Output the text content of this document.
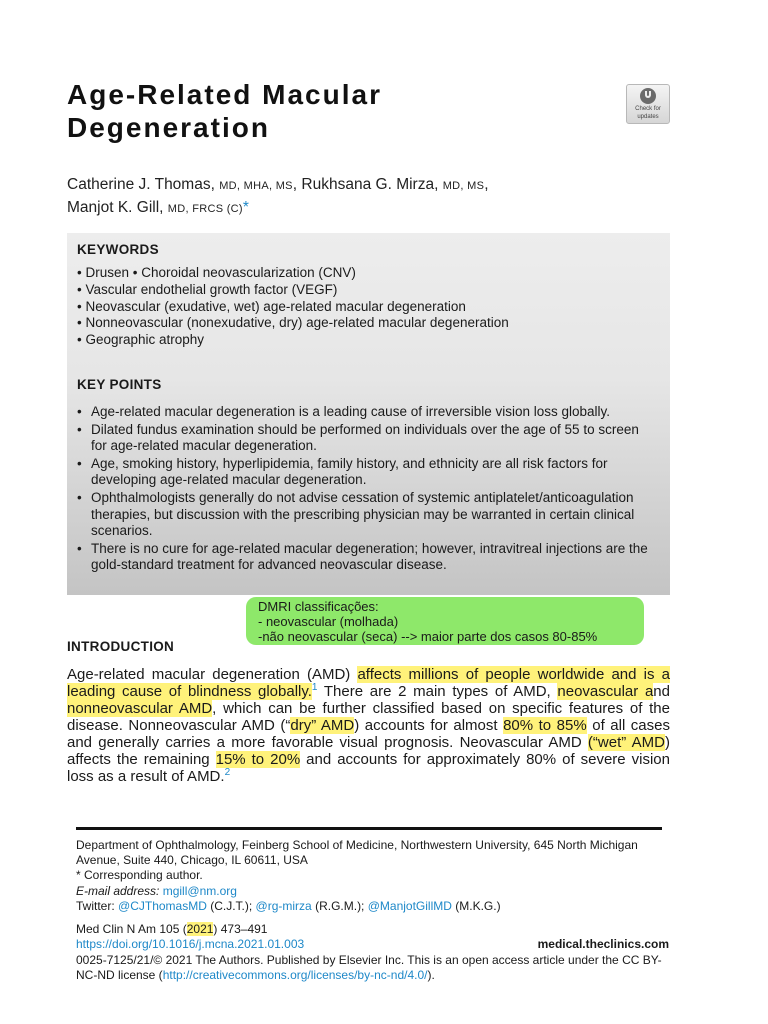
Age-Related Macular
Degeneration
Check for
updates
Catherine J. Thomas, MD, MHA, MS, Rukhsana G. Mirza, MD, MS,
Manjot K. Gill, MD, FRCS (C)*
KEYWORDS
• Drusen • Choroidal neovascularization (CNV)
• Vascular endothelial growth factor (VEGF)
• Neovascular (exudative, wet) age-related macular degeneration
• Nonneovascular (nonexudative, dry) age-related macular degeneration
• Geographic atrophy
KEY POINTS
• Age-related macular degeneration is a leading cause of irreversible vision loss globally.
• Dilated fundus examination should be performed on individuals over the age of 55 to screen for age-related macular degeneration.
• Age, smoking history, hyperlipidemia, family history, and ethnicity are all risk factors for developing age-related macular degeneration.
• Ophthalmologists generally do not advise cessation of systemic antiplatelet/anticoagulation therapies, but discussion with the prescribing physician may be warranted in certain clinical scenarios.
• There is no cure for age-related macular degeneration; however, intravitreal injections are the gold-standard treatment for advanced neovascular disease.
DMRI classificações:
- neovascular (molhada)
-não neovascular (seca) --> maior parte dos casos 80-85%
INTRODUCTION
Age-related macular degeneration (AMD) affects millions of people worldwide and is a leading cause of blindness globally.$^1$ There are 2 main types of AMD, neovascular and nonneovascular AMD, which can be further classified based on specific features of the disease. Nonneovascular AMD (“dry” AMD) accounts for almost 80% to 85% of all cases and generally carries a more favorable visual prognosis. Neovascular AMD (“wet” AMD) affects the remaining 15% to 20% and accounts for approximately 80% of severe vision loss as a result of AMD.$^2$
Department of Ophthalmology, Feinberg School of Medicine, Northwestern University, 645 North Michigan Avenue, Suite 440, Chicago, IL 60611, USA
* Corresponding author.
E-mail address: mgill@nm.org
Twitter: @CJThomasMD (C.J.T.); @rg-mirza (R.G.M.); @ManjotGillMD (M.K.G.)
Med Clin N Am 105 (2021) 473–491
https://doi.org/10.1016/j.mcna.2021.01.003	medical.theclinics.com
0025-7125/21/© 2021 The Authors. Published by Elsevier Inc. This is an open access article under the CC BY-NC-ND license (http://creativecommons.org/licenses/by-nc-nd/4.0/).
